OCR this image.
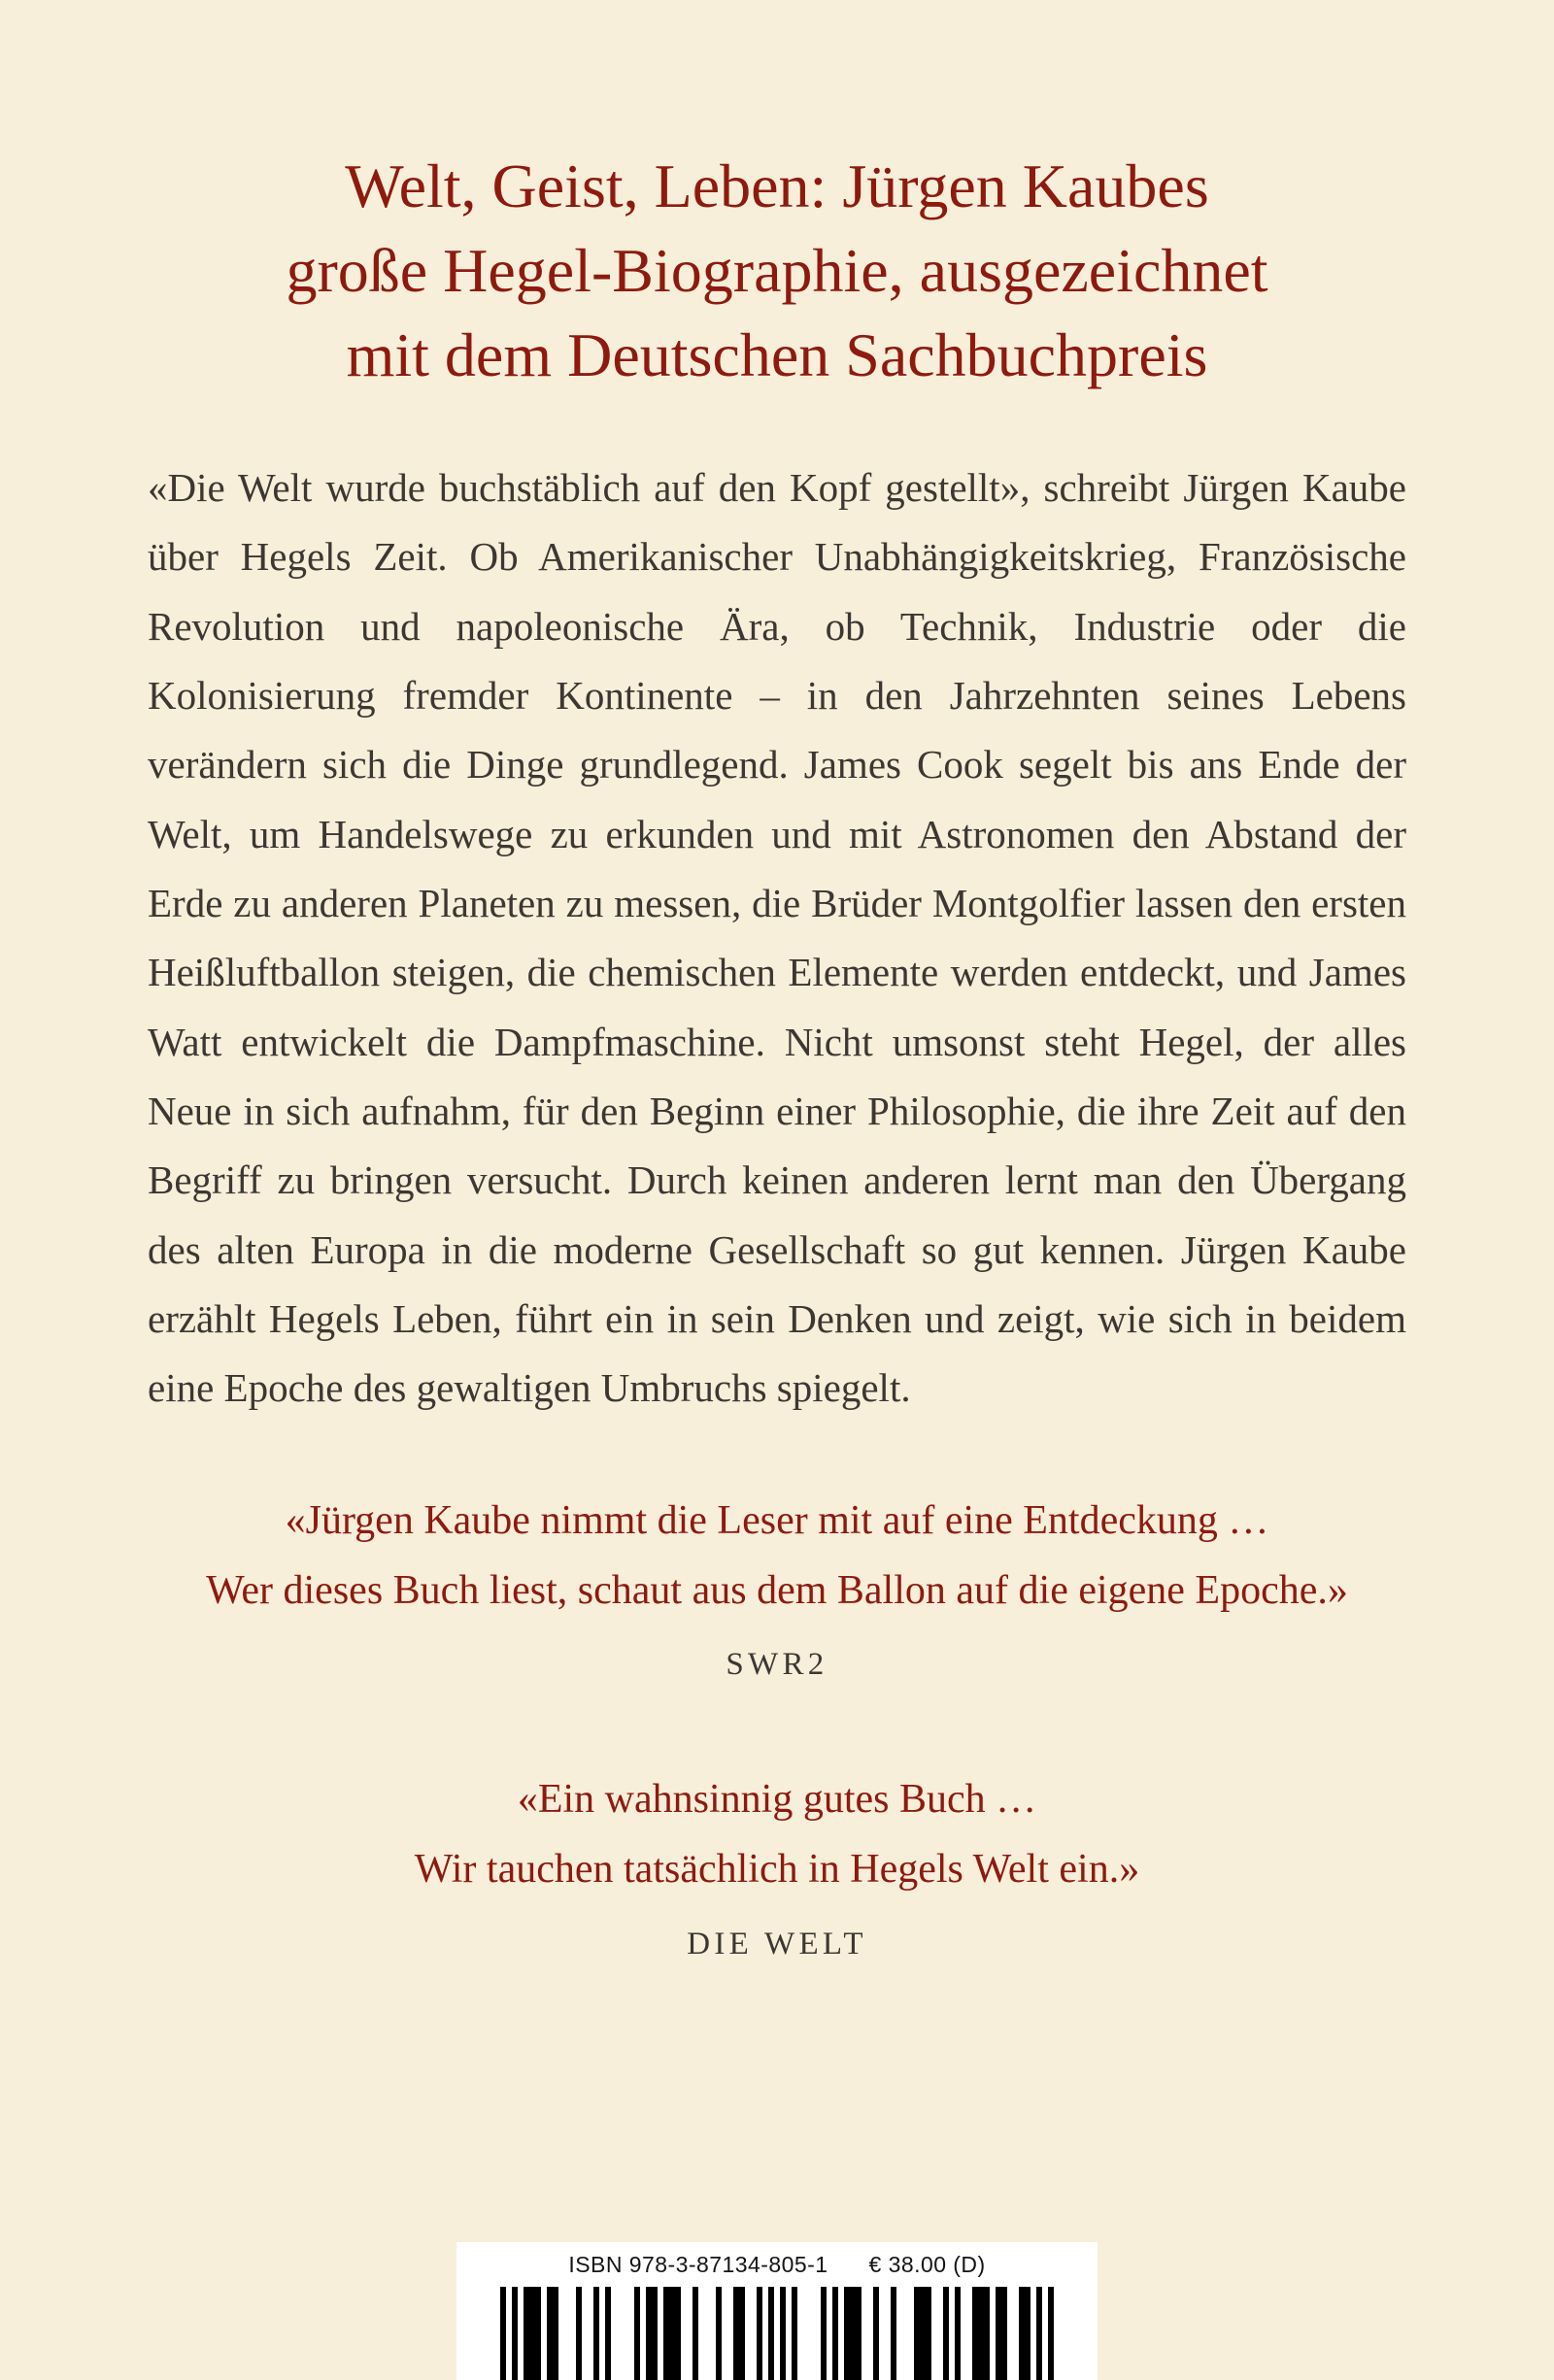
Welt, Geist, Leben: Jürgen Kaubes
große Hegel-Biographie, ausgezeichnet
mit dem Deutschen Sachbuchpreis

«Die Welt wurde buchstäblich auf den Kopf gestellt», schreibt Jürgen Kaube über Hegels Zeit. Ob Amerikanischer Unabhängigkeitskrieg, Französische Revolution und napoleonische Ära, ob Technik, Industrie oder die Kolonisierung fremder Kontinente – in den Jahrzehnten seines Lebens verändern sich die Dinge grundlegend. James Cook segelt bis ans Ende der Welt, um Handelswege zu erkunden und mit Astronomen den Abstand der Erde zu anderen Planeten zu messen, die Brüder Montgolfier lassen den ersten Heißluftballon steigen, die chemischen Elemente werden entdeckt, und James Watt entwickelt die Dampfmaschine. Nicht umsonst steht Hegel, der alles Neue in sich aufnahm, für den Beginn einer Philosophie, die ihre Zeit auf den Begriff zu bringen versucht. Durch keinen anderen lernt man den Übergang des alten Europa in die moderne Gesellschaft so gut kennen. Jürgen Kaube erzählt Hegels Leben, führt ein in sein Denken und zeigt, wie sich in beidem eine Epoche des gewaltigen Umbruchs spiegelt.

«Jürgen Kaube nimmt die Leser mit auf eine Entdeckung …
Wer dieses Buch liest, schaut aus dem Ballon auf die eigene Epoche.»
SWR2
«Ein wahnsinnig gutes Buch …
Wir tauchen tatsächlich in Hegels Welt ein.»
DIE WELT
ISBN 978-3-87134-805-1 € 38.00 (D)
